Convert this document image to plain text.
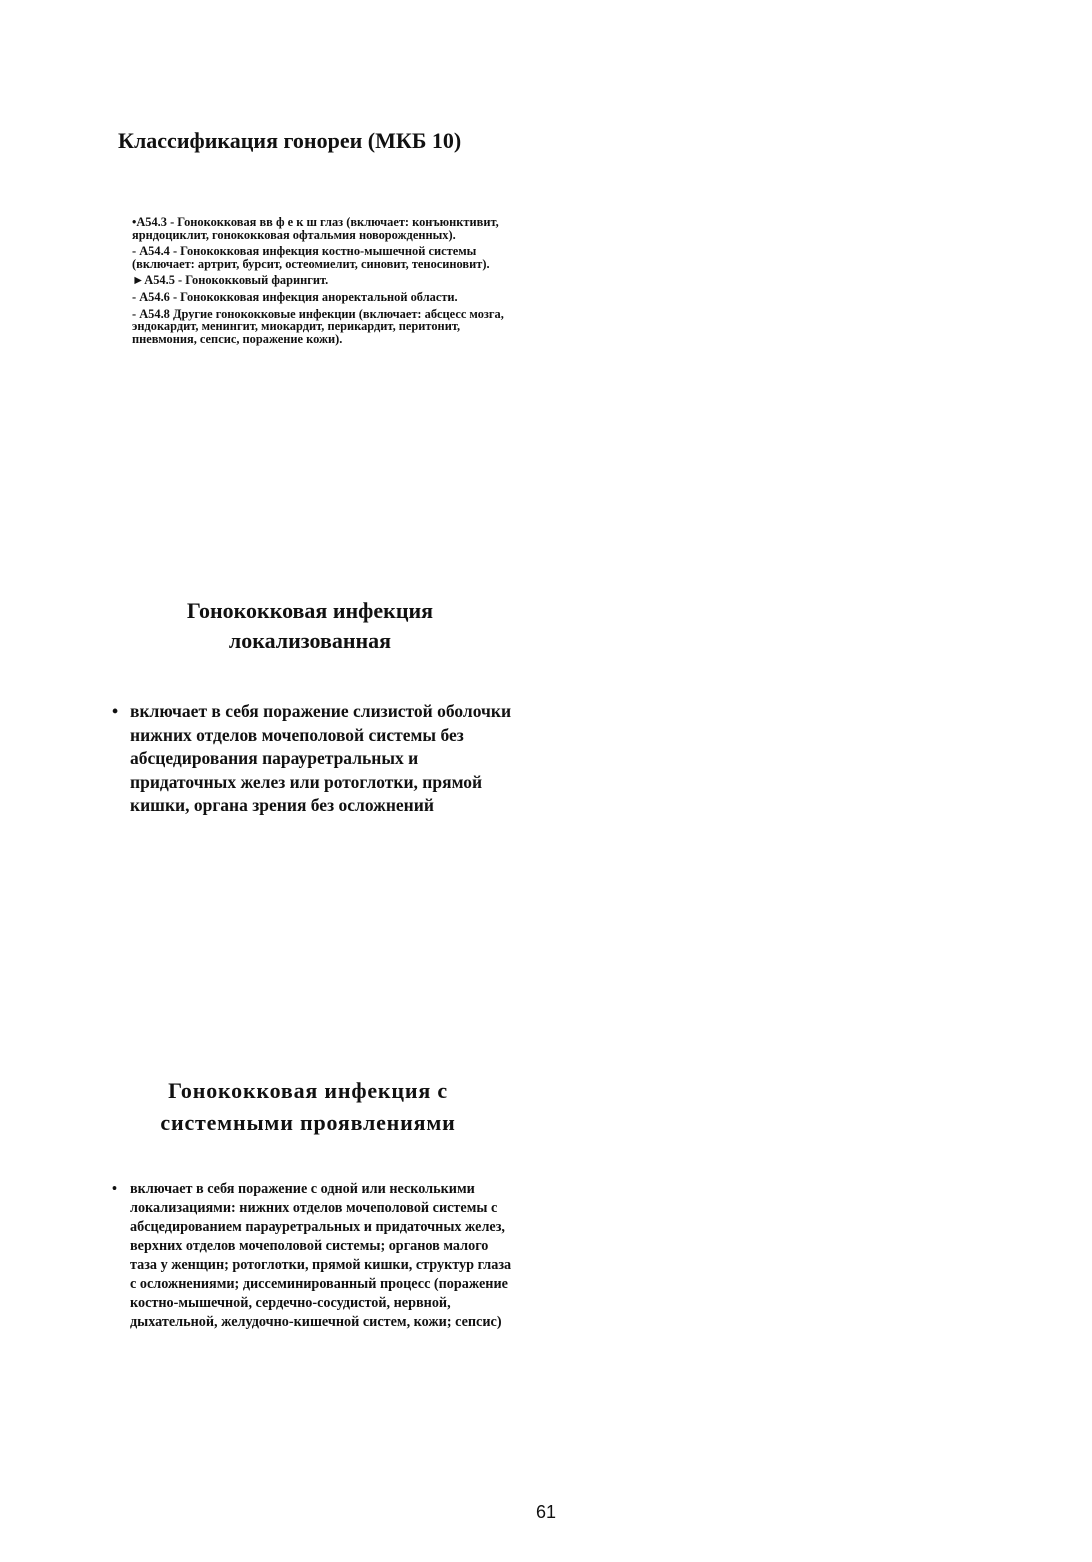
Классификация гонореи (МКБ 10)

•А54.3 - Гонококковая вв ф е к ш глаз (включает: конъюнктивит, ярндоциклит, гонококковая офтальмия новорожденных).

- А54.4 - Гонококковая инфекция костно-мышечной системы (включает: артрит, бурсит, остеомиелит, синовит, теносиновит).

►А54.5 - Гонококковый фарингит.

- А54.6 - Гонококковая инфекция аноректальной области.

- А54.8 Другие гонококковые инфекции (включает: абсцесс мозга, эндокардит, менингит, миокардит, перикардит, перитонит, пневмония, сепсис, поражение кожи).

Гонококковая инфекция
локализованная
• включает в себя поражение слизистой оболочки нижних отделов мочеполовой системы без абсцедирования парауретральных и придаточных желез или ротоглотки, прямой кишки, органа зрения без осложнений
Гонококковая инфекция с
системными проявлениями
• включает в себя поражение с одной или несколькими локализациями: нижних отделов мочеполовой системы с абсцедированием парауретральных и придаточных желез, верхних отделов мочеполовой системы; органов малого таза у женщин; ротоглотки, прямой кишки, структур глаза с осложнениями; диссеминированный процесс (поражение костно-мышечной, сердечно-сосудистой, нервной, дыхательной, желудочно-кишечной систем, кожи; сепсис)
61
